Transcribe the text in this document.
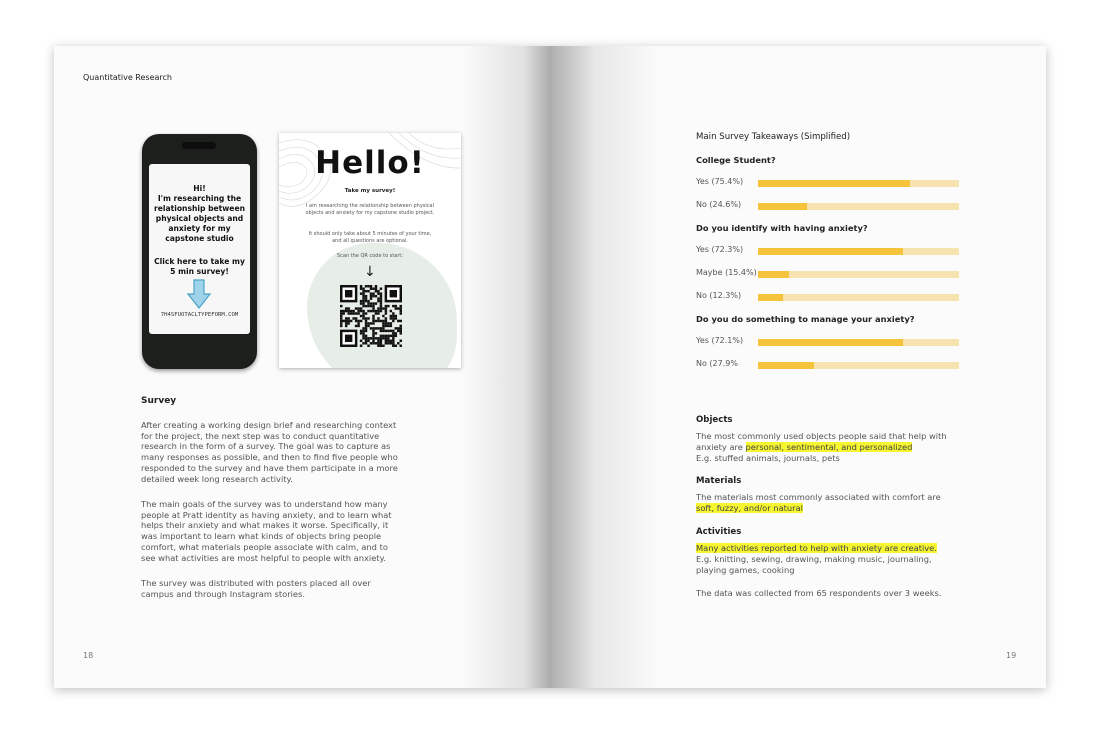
Quantitative Research
Hi!
I'm researching the
relationship between
physical objects and
anxiety for my
capstone studio
Click here to take my
5 min survey!
7H4SFUOTACLTYPEFORM.COM
Hello!
Take my survey!
I am researching the relationship between physical objects and anxiety for my capstone studio project.
It should only take about 5 minutes of your time, and all questions are optional.
Scan the QR code to start:
↓
Survey
After creating a working design brief and researching context for the project, the next step was to conduct quantitative research in the form of a survey. The goal was to capture as many responses as possible, and then to find five people who responded to the survey and have them participate in a more detailed week long research activity.
The main goals of the survey was to understand how many people at Pratt identity as having anxiety, and to learn what helps their anxiety and what makes it worse. Specifically, it was important to learn what kinds of objects bring people comfort, what materials people associate with calm, and to see what activities are most helpful to people with anxiety.
The survey was distributed with posters placed all over campus and through Instagram stories.
18
Main Survey Takeaways (Simplified)
College Student?
Yes (75.4%)
No (24.6%)
Do you identify with having anxiety?
Yes (72.3%)
Maybe (15.4%)
No (12.3%)
Do you do something to manage your anxiety?
Yes (72.1%)
No (27.9%
Objects
The most commonly used objects people said that help with
anxiety are personal, sentimental, and personalized
E.g. stuffed animals, journals, pets
Materials
The materials most commonly associated with comfort are
soft, fuzzy, and/or natural
Activities
Many activities reported to help with anxiety are creative.
E.g. knitting, sewing, drawing, making music, journaling, playing games, cooking
The data was collected from 65 respondents over 3 weeks.
19
